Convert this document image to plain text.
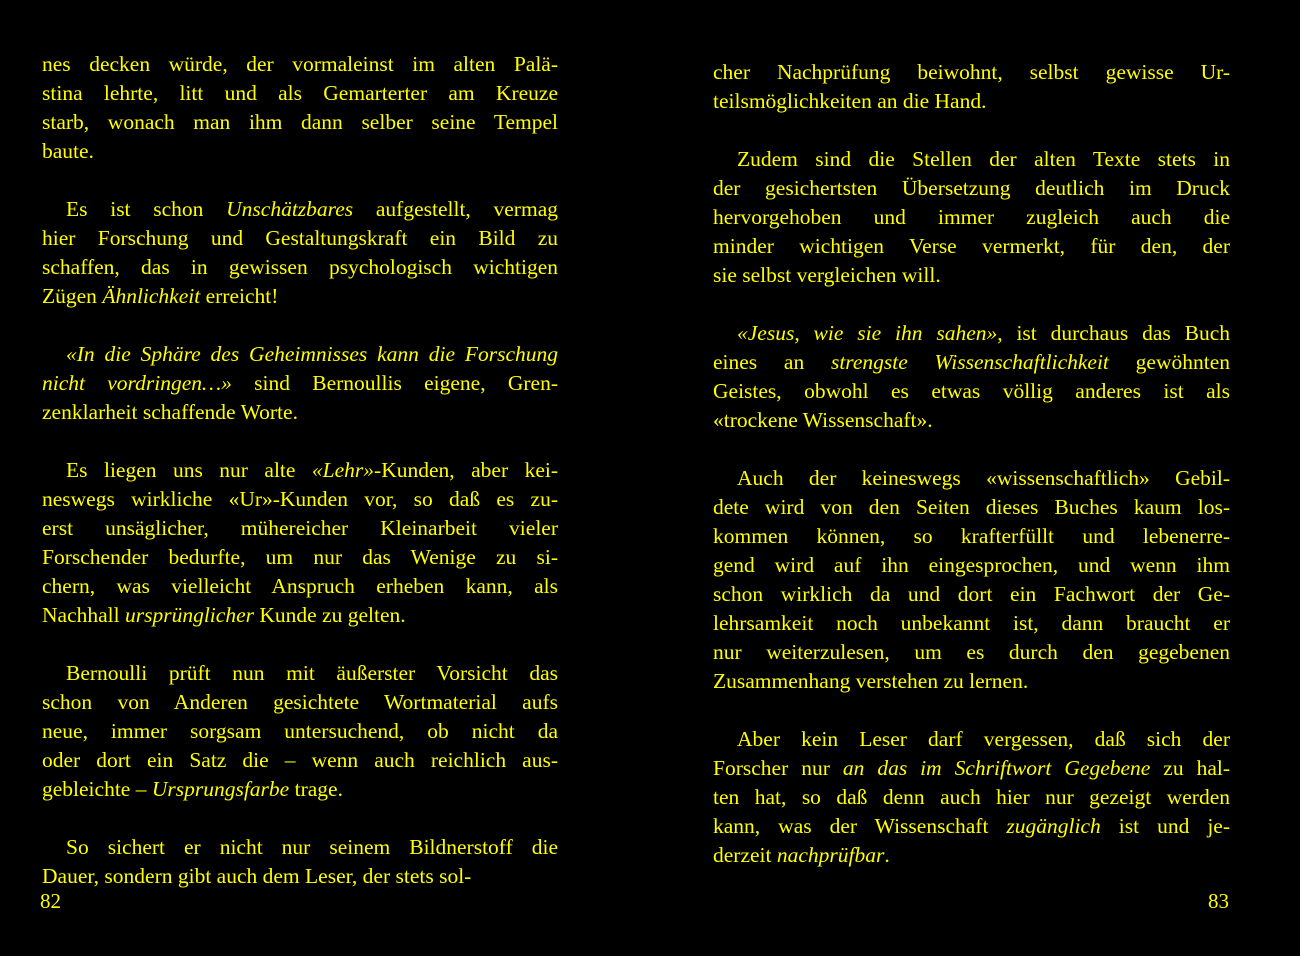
nes decken würde, der vormaleinst im alten Palä-
stina lehrte, litt und als Gemarterter am Kreuze
starb, wonach man ihm dann selber seine Tempel
baute.

Es ist schon Unschätzbares aufgestellt, vermag
hier Forschung und Gestaltungskraft ein Bild zu
schaffen, das in gewissen psychologisch wichtigen
Zügen Ähnlichkeit erreicht!

«In die Sphäre des Geheimnisses kann die Forschung
nicht vordringen…» sind Bernoullis eigene, Gren-
zenklarheit schaffende Worte.

Es liegen uns nur alte «Lehr»-Kunden, aber kei-
neswegs wirkliche «Ur»-Kunden vor, so daß es zu-
erst unsäglicher, mühereicher Kleinarbeit vieler
Forschender bedurfte, um nur das Wenige zu si-
chern, was vielleicht Anspruch erheben kann, als
Nachhall ursprünglicher Kunde zu gelten.

Bernoulli prüft nun mit äußerster Vorsicht das
schon von Anderen gesichtete Wortmaterial aufs
neue, immer sorgsam untersuchend, ob nicht da
oder dort ein Satz die – wenn auch reichlich aus-
gebleichte – Ursprungsfarbe trage.

So sichert er nicht nur seinem Bildnerstoff die
Dauer, sondern gibt auch dem Leser, der stets sol-

82

cher Nachprüfung beiwohnt, selbst gewisse Ur-
teilsmöglichkeiten an die Hand.

Zudem sind die Stellen der alten Texte stets in
der gesichertsten Übersetzung deutlich im Druck
hervorgehoben und immer zugleich auch die
minder wichtigen Verse vermerkt, für den, der
sie selbst vergleichen will.

«Jesus, wie sie ihn sahen», ist durchaus das Buch
eines an strengste Wissenschaftlichkeit gewöhnten
Geistes, obwohl es etwas völlig anderes ist als
«trockene Wissenschaft».

Auch der keineswegs «wissenschaftlich» Gebil-
dete wird von den Seiten dieses Buches kaum los-
kommen können, so krafterfüllt und lebenerre-
gend wird auf ihn eingesprochen, und wenn ihm
schon wirklich da und dort ein Fachwort der Ge-
lehrsamkeit noch unbekannt ist, dann braucht er
nur weiterzulesen, um es durch den gegebenen
Zusammenhang verstehen zu lernen.

Aber kein Leser darf vergessen, daß sich der
Forscher nur an das im Schriftwort Gegebene zu hal-
ten hat, so daß denn auch hier nur gezeigt werden
kann, was der Wissenschaft zugänglich ist und je-
derzeit nachprüfbar.

83
